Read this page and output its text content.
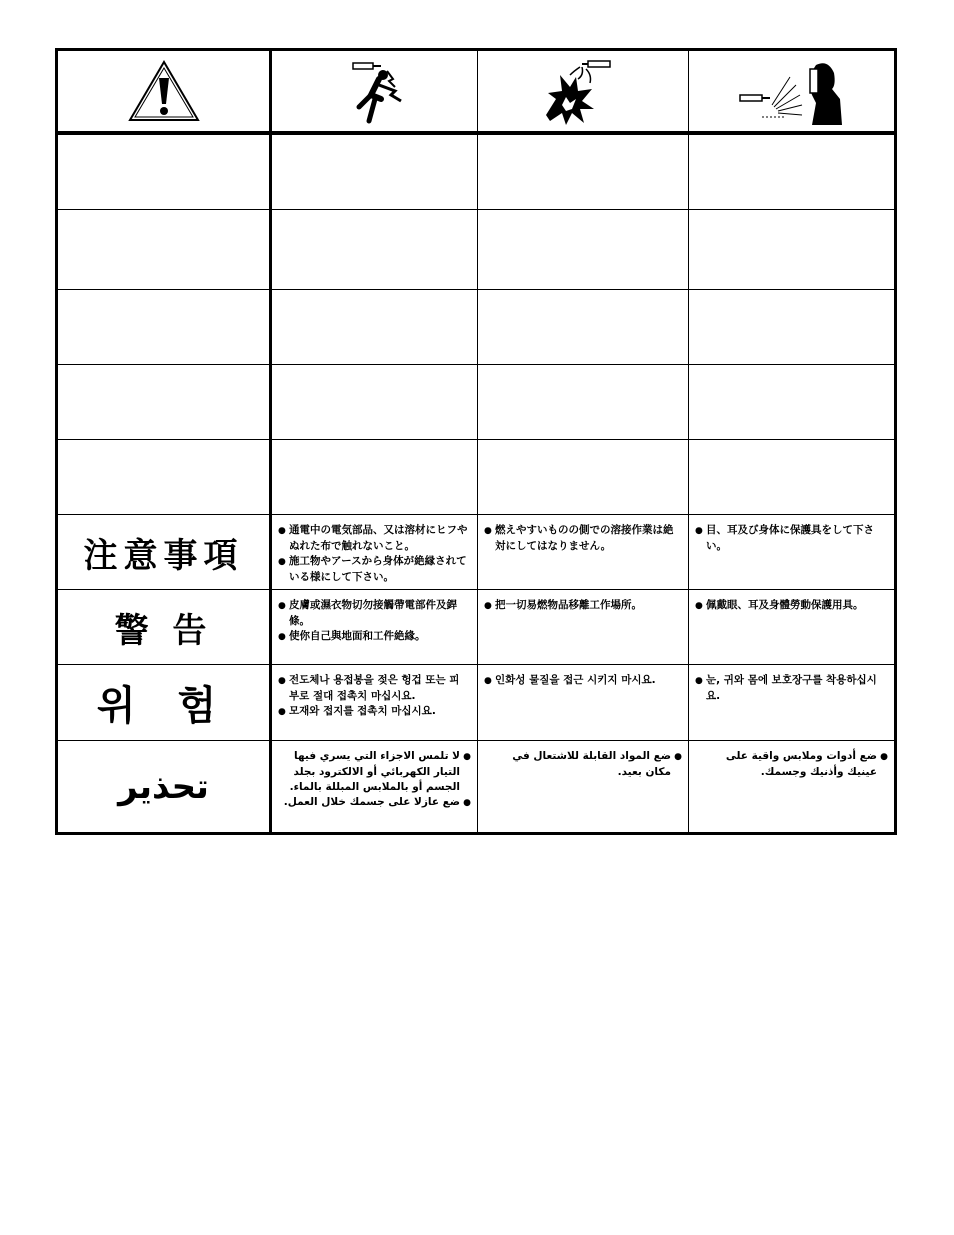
注意事項

● 通電中の電気部品、又は溶材にヒフやぬれた布で触れないこと。

● 施工物やアースから身体が絶縁されている様にして下さい。

● 燃えやすいものの側での溶接作業は絶対にしてはなりません。

● 目、耳及び身体に保護具をして下さい。

警 告

● 皮膚或濕衣物切勿接觸帶電部件及銲條。

● 使你自己與地面和工件絶緣。

● 把一切易燃物品移離工作場所。	● 佩戴眼、耳及身體勞動保護用具。

위 험

● 전도체나 용접봉을 젖은 헝겁 또는 피부로 절대 접촉치 마십시요.

● 모재와 접지를 접촉치 마십시요.

● 인화성 물질을 접근 시키지 마시요.	● 눈, 귀와 몸에 보호장구를 착용하십시요.

تحذير

● لا تلمس الاجزاء التي يسري فيها التيار الكهربائي أو الالكترود بجلد الجسم أو بالملابس المبللة بالماء.

● ضع عازلا على جسمك خلال العمل.

● ضع المواد القابلة للاشتعال في مكان بعيد.

● ضع أدوات وملابس واقية على عينيك وأذنيك وجسمك.
